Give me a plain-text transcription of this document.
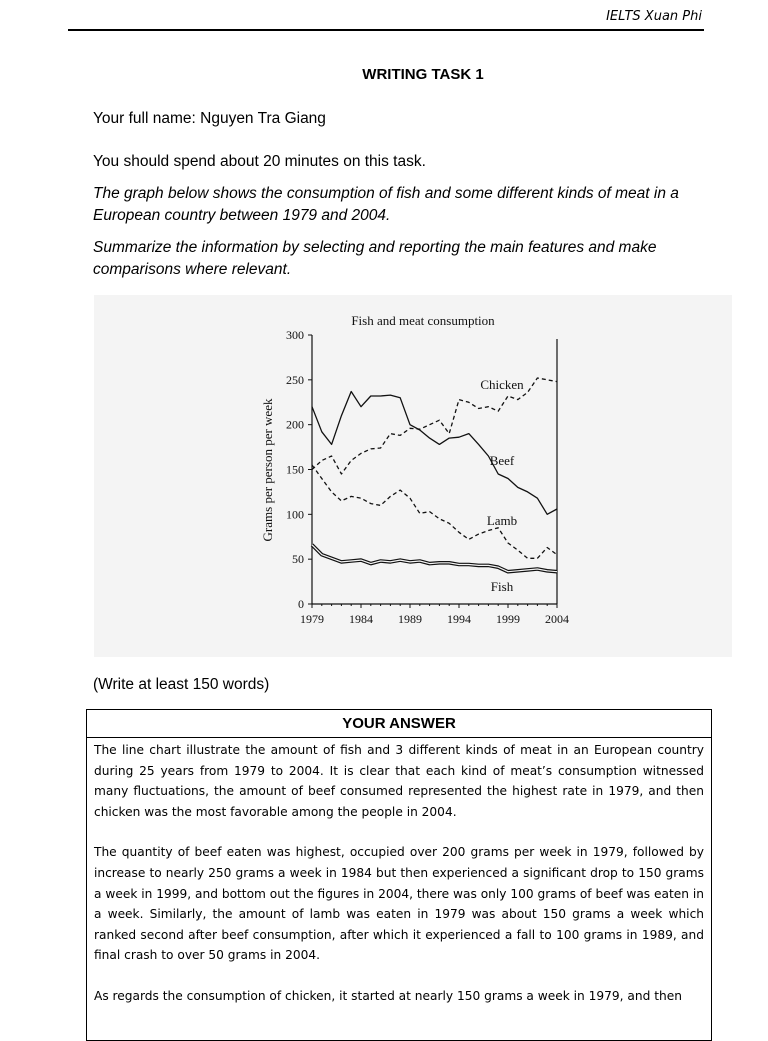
IELTS Xuan Phi
WRITING TASK 1
Your full name: Nguyen Tra Giang
You should spend about 20 minutes on this task.
The graph below shows the consumption of fish and some different kinds of meat in a European country between 1979 and 2004.
Summarize the information by selecting and reporting the main features and make comparisons where relevant.
Fish and meat consumption
Grams per person per week
0
50
100
150
200
250
300
1979 1984 1989 1994 1999 2004
Chicken
Beef
Lamb
Fish
(Write at least 150 words)
YOUR ANSWER

The line chart illustrate the amount of fish and 3 different kinds of meat in an European country during 25 years from 1979 to 2004. It is clear that each kind of meat’s consumption witnessed many fluctuations, the amount of beef consumed represented the highest rate in 1979, and then chicken was the most favorable among the people in 2004.

The quantity of beef eaten was highest, occupied over 200 grams per week in 1979, followed by increase to nearly 250 grams a week in 1984 but then experienced a significant drop to 150 grams a week in 1999, and bottom out the figures in 2004, there was only 100 grams of beef was eaten in a week. Similarly, the amount of lamb was eaten in 1979 was about 150 grams a week which ranked second after beef consumption, after which it experienced a fall to 100 grams in 1989, and final crash to over 50 grams in 2004.

As regards the consumption of chicken, it started at nearly 150 grams a week in 1979, and then
